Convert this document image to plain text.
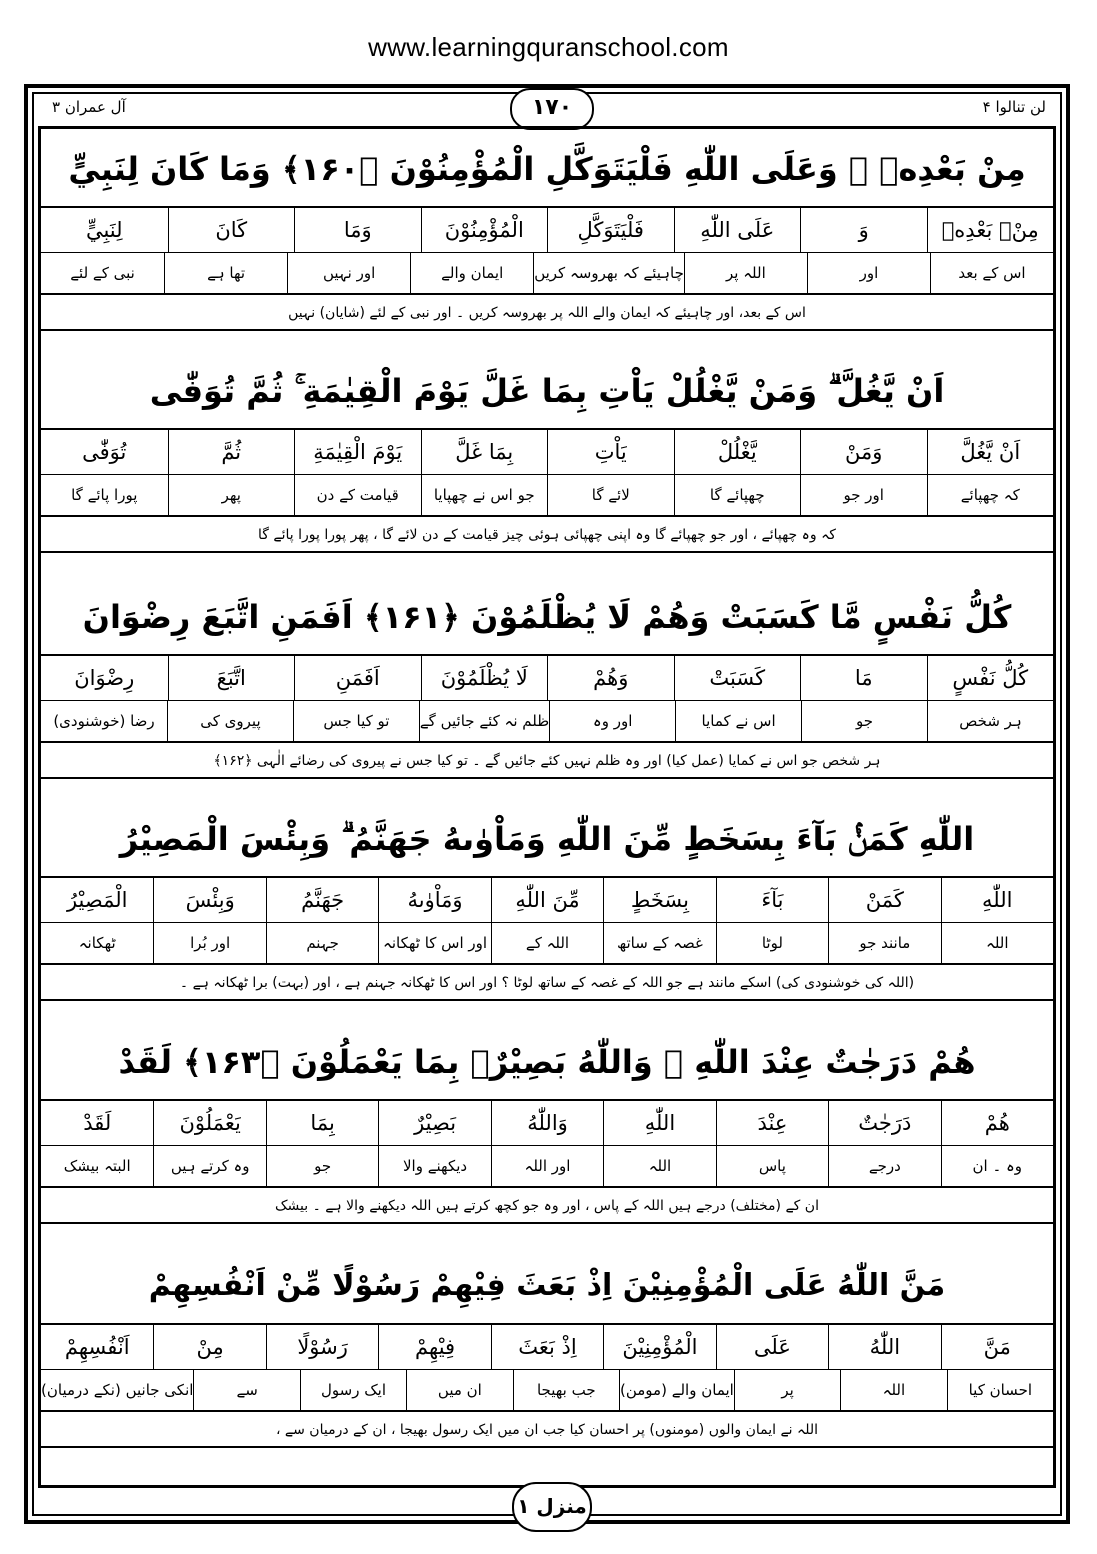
www.learningquranschool.com
لن تنالوا ۴
آل عمران ۳	۱۷۰
مِنْ بَعْدِهٖ ۗ وَعَلَى اللّٰهِ فَلْيَتَوَكَّلِ الْمُؤْمِنُوْنَ ﴿۱۶۰﴾ وَمَا كَانَ لِنَبِيٍّ
مِنْۢ بَعْدِهٖ
وَ
عَلَى اللّٰهِ
فَلْيَتَوَكَّلِ
الْمُؤْمِنُوْنَ
وَمَا
كَانَ
لِنَبِيٍّ
اس کے بعد
اور
اللہ پر
چاہیئے کہ بھروسہ کریں
ایمان والے
اور نہیں
تھا ہے
نبی کے لئے
اس کے بعد، اور چاہیئے کہ ایمان والے اللہ پر بھروسہ کریں ۔ اور نبی کے لئے (شایان) نہیں
اَنْ يَّغُلَّ ۗ وَمَنْ يَّغْلُلْ يَاْتِ بِمَا غَلَّ يَوْمَ الْقِيٰمَةِ ۚ ثُمَّ تُوَفّٰى
اَنْ يَّغُلَّ
وَمَنْ
يَّغْلُلْ
يَاْتِ
بِمَا غَلَّ
يَوْمَ الْقِيٰمَةِ
ثُمَّ
تُوَفّٰى
کہ چھپائے
اور جو
چھپائے گا
لائے گا
جو اس نے چھپایا
قیامت کے دن
پھر
پورا پائے گا
کہ وہ چھپائے ، اور جو چھپائے گا وہ اپنی چھپائی ہوئی چیز قیامت کے دن لائے گا ، پھر پورا پورا پائے گا
كُلُّ نَفْسٍ مَّا كَسَبَتْ وَهُمْ لَا يُظْلَمُوْنَ ﴿۱۶۱﴾ اَفَمَنِ اتَّبَعَ رِضْوَانَ
كُلُّ نَفْسٍ
مَا
كَسَبَتْ
وَهُمْ
لَا يُظْلَمُوْنَ
اَفَمَنِ
اتَّبَعَ
رِضْوَانَ
ہر شخص
جو
اس نے کمایا
اور وہ
ظلم نہ کئے جائیں گے
تو کیا جس
پیروی کی
رضا (خوشنودی)
ہر شخص جو اس نے کمایا (عمل کیا) اور وہ ظلم نہیں کئے جائیں گے ۔ تو کیا جس نے پیروی کی رضائے الٰہی ﴿۱۶۲﴾
اللّٰهِ كَمَنْۢ بَآءَ بِسَخَطٍ مِّنَ اللّٰهِ وَمَاْوٰىهُ جَهَنَّمُ ۗ وَبِئْسَ الْمَصِيْرُ
اللّٰهِ
كَمَنْ
بَآءَ
بِسَخَطٍ
مِّنَ اللّٰهِ
وَمَاْوٰىهُ
جَهَنَّمُ
وَبِئْسَ
الْمَصِيْرُ
اللہ
مانند جو
لوٹا
غصہ کے ساتھ
اللہ کے
اور اس کا ٹھکانہ
جہنم
اور بُرا
ٹھکانہ
(اللہ کی خوشنودی کی) اسکے مانند ہے جو اللہ کے غصہ کے ساتھ لوٹا ؟ اور اس کا ٹھکانہ جہنم ہے ، اور (بہت) برا ٹھکانہ ہے ۔
هُمْ دَرَجٰتٌ عِنْدَ اللّٰهِ ۗ وَاللّٰهُ بَصِيْرٌۢ بِمَا يَعْمَلُوْنَ ﴿۱۶۳﴾ لَقَدْ
هُمْ
دَرَجٰتٌ
عِنْدَ
اللّٰهِ
وَاللّٰهُ
بَصِيْرٌ
بِمَا
يَعْمَلُوْنَ
لَقَدْ
وہ ۔ ان
درجے
پاس
اللہ
اور اللہ
دیکھنے والا
جو
وہ کرتے ہیں
البتہ بیشک
ان کے (مختلف) درجے ہیں اللہ کے پاس ، اور وہ جو کچھ کرتے ہیں اللہ دیکھنے والا ہے ۔ بیشک
مَنَّ اللّٰهُ عَلَى الْمُؤْمِنِيْنَ اِذْ بَعَثَ فِيْهِمْ رَسُوْلًا مِّنْ اَنْفُسِهِمْ
مَنَّ
اللّٰهُ
عَلَى
الْمُؤْمِنِيْنَ
اِذْ بَعَثَ
فِيْهِمْ
رَسُوْلًا
مِنْ
اَنْفُسِهِمْ
احسان کیا
اللہ
پر
ایمان والے (مومن)
جب بھیجا
ان میں
ایک رسول
سے
انکی جانیں (نکے درمیان)
اللہ نے ایمان والوں (مومنوں) پر احسان کیا جب ان میں ایک رسول بھیجا ، ان کے درمیان سے ،
منزل ۱
